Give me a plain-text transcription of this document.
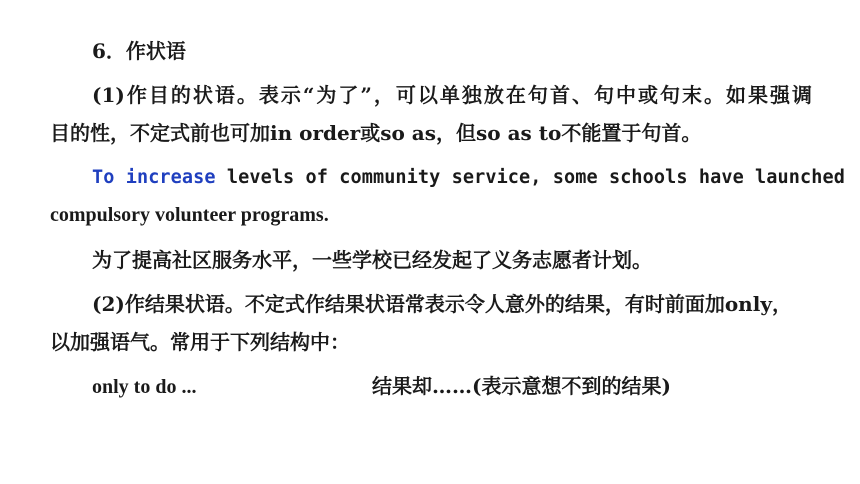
6．作状语
(1)作目的状语。表示“为了”，可以单独放在句首、句中或句末。如果强调
目的性，不定式前也可加in order或so as，但so as to不能置于句首。
To increase levels of community service, some schools have launched
compulsory volunteer programs.
为了提高社区服务水平，一些学校已经发起了义务志愿者计划。
(2)作结果状语。不定式作结果状语常表示令人意外的结果，有时前面加only，
以加强语气。常用于下列结构中：
only to do ...	结果却……(表示意想不到的结果)
